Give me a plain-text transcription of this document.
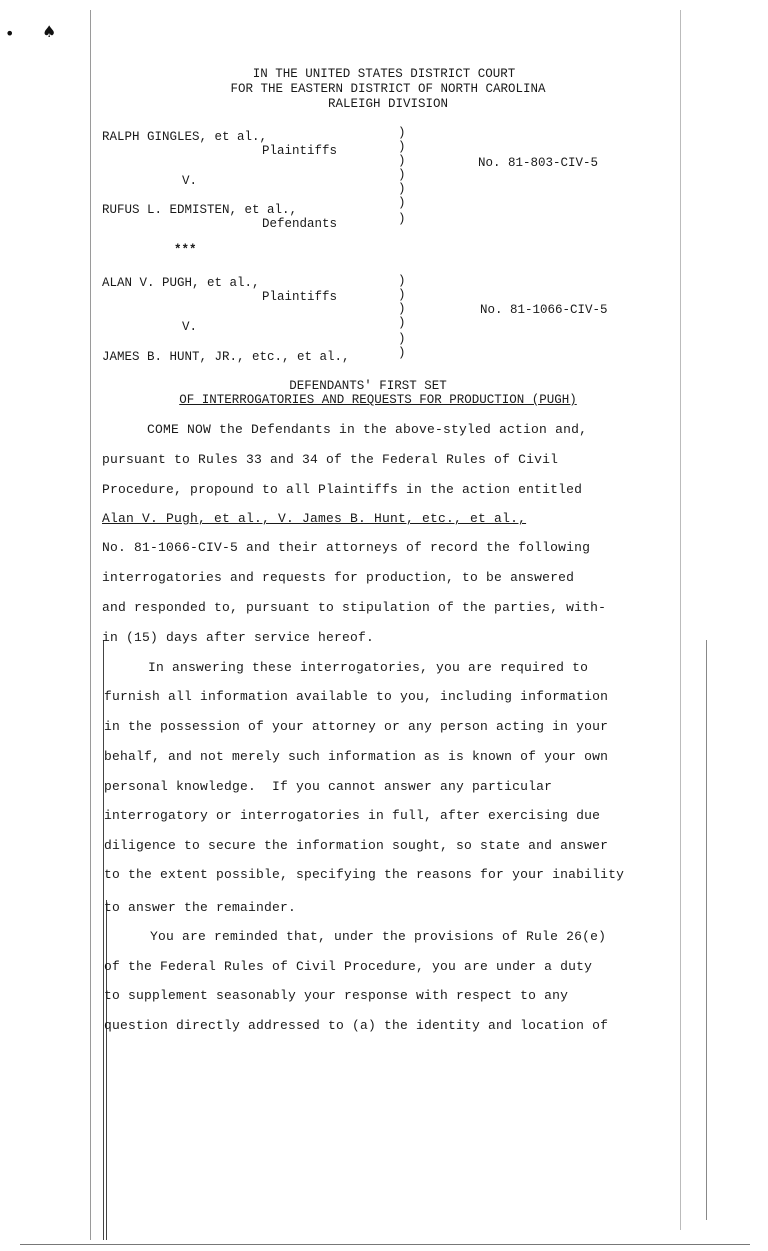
• ♠
IN THE UNITED STATES DISTRICT COURT
FOR THE EASTERN DISTRICT OF NORTH CAROLINA
RALEIGH DIVISION
RALPH GINGLES, et al.,
Plaintiffs
V.
RUFUS L. EDMISTEN, et al.,
Defendants
No. 81-803-CIV-5
)
)
)
)
)
)
)
***
ALAN V. PUGH, et al.,
Plaintiffs
V.
JAMES B. HUNT, JR., etc., et al.,
No. 81-1066-CIV-5
)
)
)
)
)
)
DEFENDANTS' FIRST SET
OF INTERROGATORIES AND REQUESTS FOR PRODUCTION (PUGH)
COME NOW the Defendants in the above-styled action and,
pursuant to Rules 33 and 34 of the Federal Rules of Civil
Procedure, propound to all Plaintiffs in the action entitled
Alan V. Pugh, et al., V. James B. Hunt, etc., et al.,
No. 81-1066-CIV-5 and their attorneys of record the following
interrogatories and requests for production, to be answered
and responded to, pursuant to stipulation of the parties, with-
in (15) days after service hereof.
In answering these interrogatories, you are required to
furnish all information available to you, including information
in the possession of your attorney or any person acting in your
behalf, and not merely such information as is known of your own
personal knowledge.  If you cannot answer any particular
interrogatory or interrogatories in full, after exercising due
diligence to secure the information sought, so state and answer
to the extent possible, specifying the reasons for your inability
to answer the remainder.
You are reminded that, under the provisions of Rule 26(e)
of the Federal Rules of Civil Procedure, you are under a duty
to supplement seasonably your response with respect to any
question directly addressed to (a) the identity and location of
